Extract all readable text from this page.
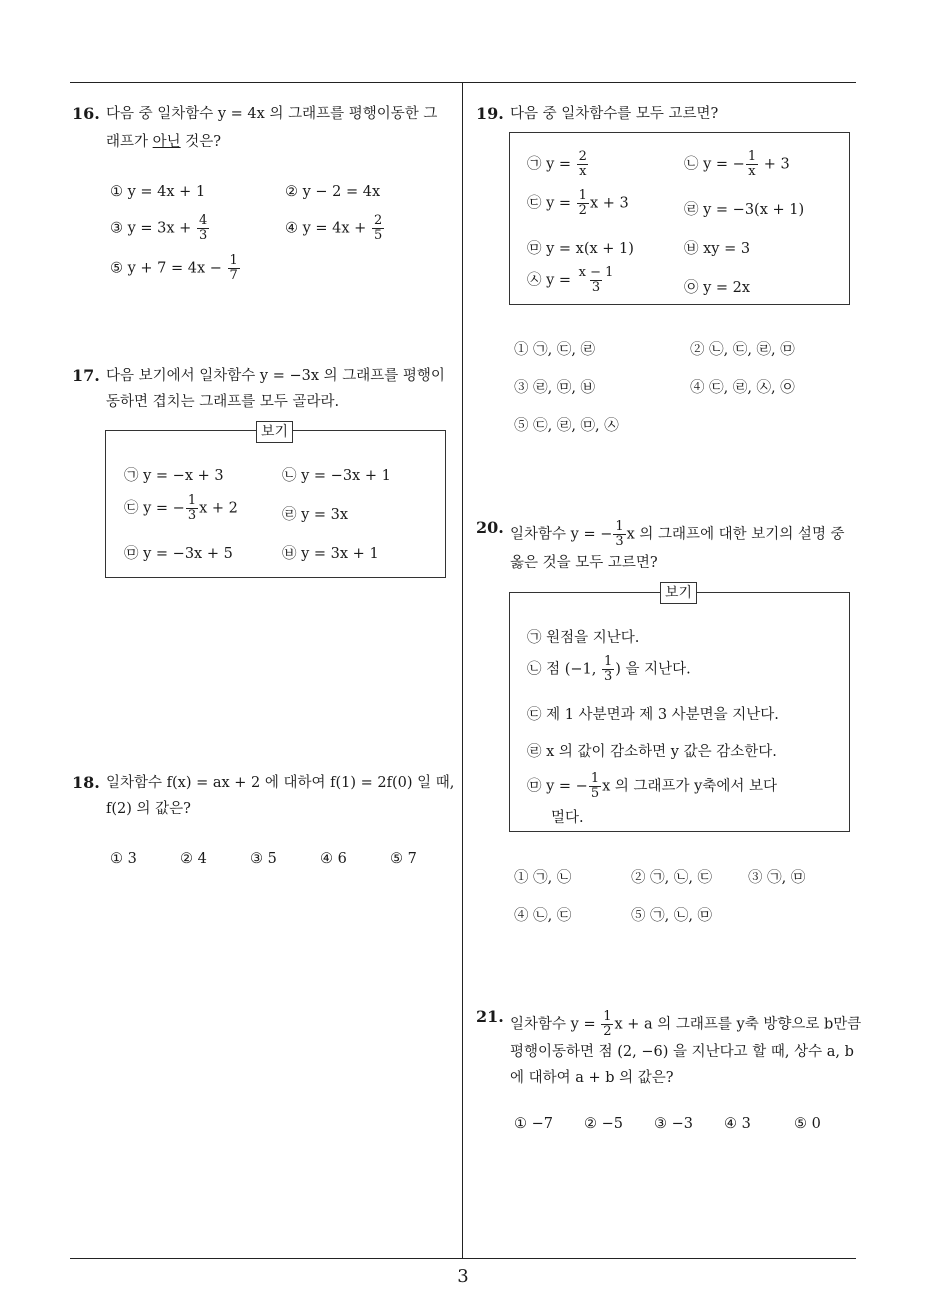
3
16. 다음 중 일차함수 y = 4x 의 그래프를 평행이동한 그
래프가 아닌 것은?
① y = 4x + 1	② y − 2 = 4x
③ $y = 3x + \frac{4}{3}$	④ $y = 4x + \frac{2}{5}$
⑤ $y + 7 = 4x - \frac{1}{7}$
17. 다음 보기에서 일차함수 y = −3x 의 그래프를 평행이
동하면 겹치는 그래프를 모두 골라라.
보기
㉠ y = −x + 3	㉡ y = −3x + 1
㉢ y = − $\frac{1}{3}$ x + 2	㉣ y = 3x
㉤ y = −3x + 5	㉥ y = 3x + 1
18. 일차함수 f(x) = ax + 2 에 대하여 f(1) = 2f(0) 일 때,
f(2) 의 값은?
① 3	② 4	③ 5	④ 6	⑤ 7
19. 다음 중 일차함수를 모두 고르면?
㉠ $y = \frac{2}{x}$	㉡ y = − $\frac{1}{x} + 3$
㉢ $y = \frac{1}{2}$ x + 3	㉣ y = −3(x + 1)
㉤ y = x(x + 1)	㉥ xy = 3
㉦ $y = \frac{x - 1}{3}$	㉧ y = 2x
① ㉠, ㉢, ㉣	② ㉡, ㉢, ㉣, ㉤
③ ㉣, ㉤, ㉥	④ ㉢, ㉣, ㉦, ㉧
⑤ ㉢, ㉣, ㉤, ㉦
20. 일차함수 y = − $\frac{1}{3}$ x 의 그래프에 대한 보기의 설명 중
옳은 것을 모두 고르면?
보기
㉠ 원점을 지난다.
㉡ 점 (−1, $\frac{1}{3}$ ) 을 지난다.
㉢ 제 1 사분면과 제 3 사분면을 지난다.
㉣ x 의 값이 감소하면 y 값은 감소한다.
㉤ y = − $\frac{1}{5}$ x 의 그래프가 y축에서 보다
멀다.
① ㉠, ㉡	② ㉠, ㉡, ㉢ ③ ㉠, ㉤
④ ㉡, ㉢	⑤ ㉠, ㉡, ㉤
21. 일차함수 $y = \frac{1}{2}$ x + a 의 그래프를 y축 방향으로 b만큼
평행이동하면 점 (2, −6) 을 지난다고 할 때, 상수 a, b
에 대하여 a + b 의 값은?
① −7 ② −5 ③ −3 ④ 3	⑤ 0
